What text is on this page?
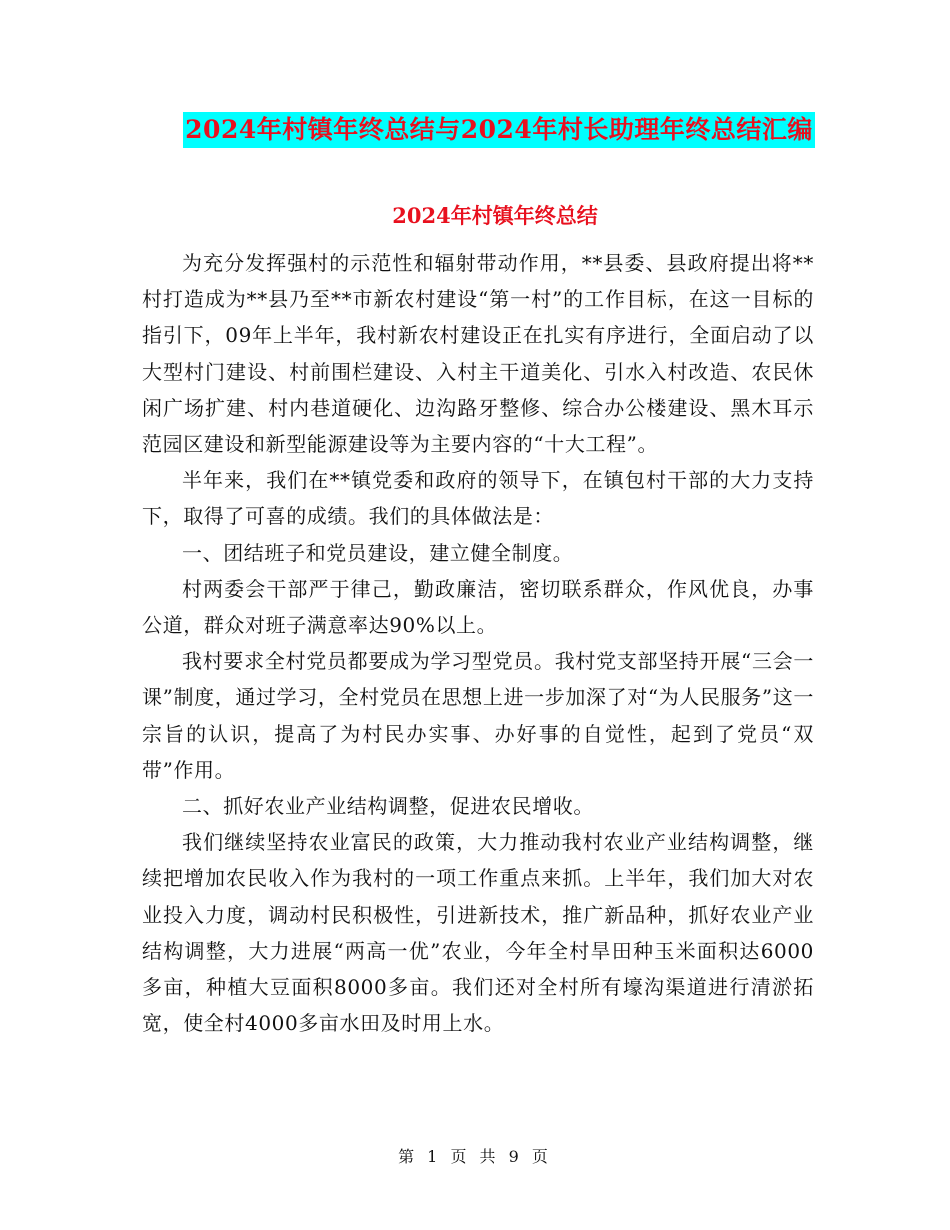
2024年村镇年终总结与2024年村长助理年终总结汇编
2024年村镇年终总结

为充分发挥强村的示范性和辐射带动作用，**县委、县政府提出将**村打造成为**县乃至**市新农村建设“第一村”的工作目标，在这一目标的指引下，09年上半年，我村新农村建设正在扎实有序进行，全面启动了以大型村门建设、村前围栏建设、入村主干道美化、引水入村改造、农民休闲广场扩建、村内巷道硬化、边沟路牙整修、综合办公楼建设、黑木耳示范园区建设和新型能源建设等为主要内容的“十大工程”。

半年来，我们在**镇党委和政府的领导下，在镇包村干部的大力支持下，取得了可喜的成绩。我们的具体做法是：

一、团结班子和党员建设，建立健全制度。

村两委会干部严于律己，勤政廉洁，密切联系群众，作风优良，办事公道，群众对班子满意率达90%以上。

我村要求全村党员都要成为学习型党员。我村党支部坚持开展“三会一课”制度，通过学习，全村党员在思想上进一步加深了对“为人民服务”这一宗旨的认识，提高了为村民办实事、办好事的自觉性，起到了党员“双带”作用。

二、抓好农业产业结构调整，促进农民增收。

我们继续坚持农业富民的政策，大力推动我村农业产业结构调整，继续把增加农民收入作为我村的一项工作重点来抓。上半年，我们加大对农业投入力度，调动村民积极性，引进新技术，推广新品种，抓好农业产业结构调整，大力进展“两高一优”农业，今年全村旱田种玉米面积达6000多亩，种植大豆面积8000多亩。我们还对全村所有壕沟渠道进行清淤拓宽，使全村4000多亩水田及时用上水。

第 1 页 共 9 页
